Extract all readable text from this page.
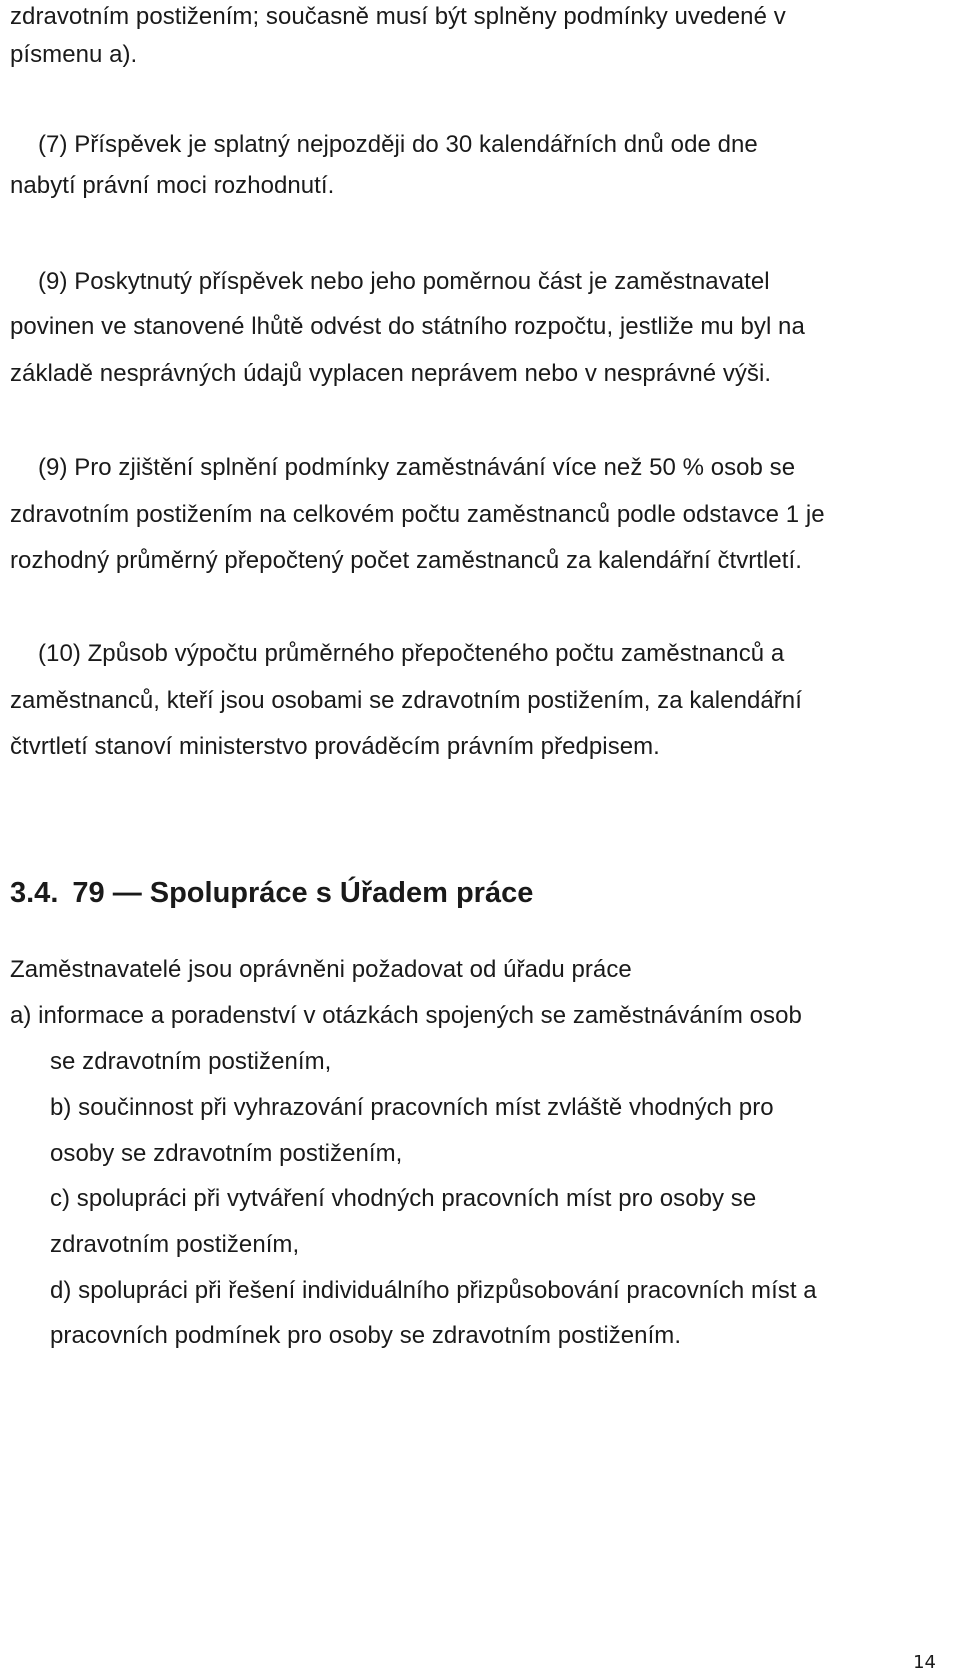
zdravotním postižením; současně musí být splněny podmínky uvedené v
písmenu a).
(7) Příspěvek je splatný nejpozději do 30 kalendářních dnů ode dne
nabytí právní moci rozhodnutí.
(9) Poskytnutý příspěvek nebo jeho poměrnou část je zaměstnavatel
povinen ve stanovené lhůtě odvést do státního rozpočtu, jestliže mu byl na
základě nesprávných údajů vyplacen neprávem nebo v nesprávné výši.
(9) Pro zjištění splnění podmínky zaměstnávání více než 50 % osob se
zdravotním postižením na celkovém počtu zaměstnanců podle odstavce 1 je
rozhodný průměrný přepočtený počet zaměstnanců za kalendářní čtvrtletí.
(10) Způsob výpočtu průměrného přepočteného počtu zaměstnanců a
zaměstnanců, kteří jsou osobami se zdravotním postižením, za kalendářní
čtvrtletí stanoví ministerstvo prováděcím právním předpisem.
3.4. 79 — Spolupráce s Úřadem práce
Zaměstnavatelé jsou oprávněni požadovat od úřadu práce
a) informace a poradenství v otázkách spojených se zaměstnáváním osob
se zdravotním postižením,
b) součinnost při vyhrazování pracovních míst zvláště vhodných pro
osoby se zdravotním postižením,
c) spolupráci při vytváření vhodných pracovních míst pro osoby se
zdravotním postižením,
d) spolupráci při řešení individuálního přizpůsobování pracovních míst a
pracovních podmínek pro osoby se zdravotním postižením.
14
